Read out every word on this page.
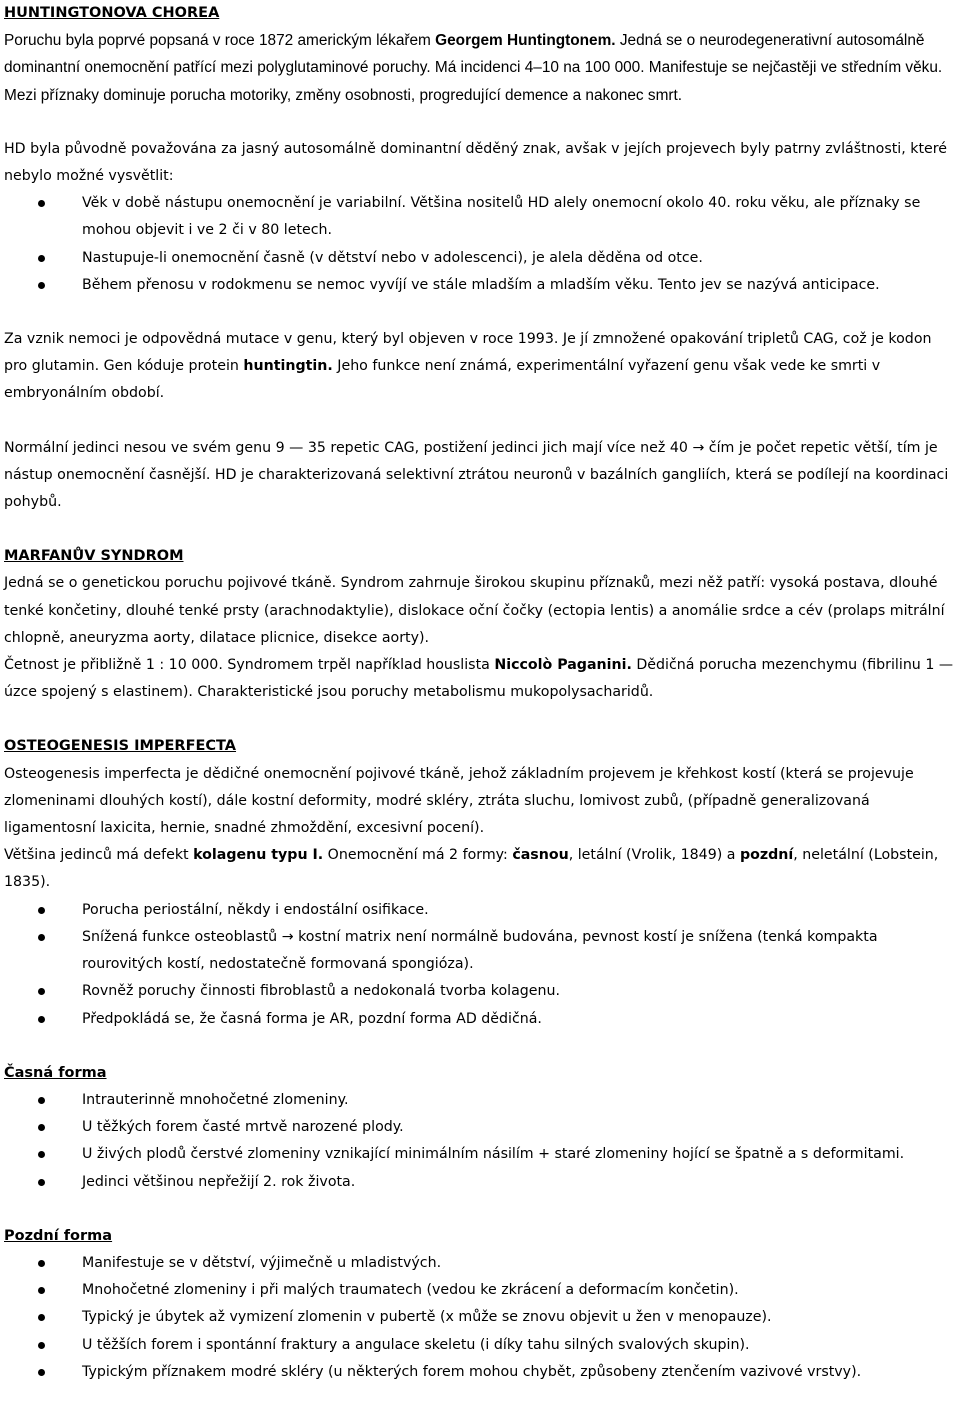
HUNTINGTONOVA CHOREA

Poruchu byla poprvé popsaná v roce 1872 americkým lékařem Georgem Huntingtonem. Jedná se o neurodegenerativní autosomálně dominantní onemocnění patřící mezi polyglutaminové poruchy. Má incidenci 4–10 na 100 000. Manifestuje se nejčastěji ve středním věku. Mezi příznaky dominuje porucha motoriky, změny osobnosti, progredující demence a nakonec smrt.

HD byla původně považována za jasný autosomálně dominantní děděný znak, avšak v jejích projevech byly patrny zvláštnosti, které nebylo možné vysvětlit:

Věk v době nástupu onemocnění je variabilní. Většina nositelů HD alely onemocní okolo 40. roku věku, ale příznaky se mohou objevit i ve 2 či v 80 letech.
Nastupuje-li onemocnění časně (v dětství nebo v adolescenci), je alela děděna od otce.
Během přenosu v rodokmenu se nemoc vyvíjí ve stále mladším a mladším věku. Tento jev se nazývá anticipace.

Za vznik nemoci je odpovědná mutace v genu, který byl objeven v roce 1993. Je jí zmnožené opakování tripletů CAG, což je kodon pro glutamin. Gen kóduje protein huntingtin. Jeho funkce není známá, experimentální vyřazení genu však vede ke smrti v embryonálním období.

Normální jedinci nesou ve svém genu 9 — 35 repetic CAG, postižení jedinci jich mají více než 40 → čím je počet repetic větší, tím je nástup onemocnění časnější. HD je charakterizovaná selektivní ztrátou neuronů v bazálních gangliích, která se podílejí na koordinaci pohybů.

MARFANŮV SYNDROM

Jedná se o genetickou poruchu pojivové tkáně. Syndrom zahrnuje širokou skupinu příznaků, mezi něž patří: vysoká postava, dlouhé tenké končetiny, dlouhé tenké prsty (arachnodaktylie), dislokace oční čočky (ectopia lentis) a anomálie srdce a cév (prolaps mitrální chlopně, aneuryzma aorty, dilatace plicnice, disekce aorty).

Četnost je přibližně 1 : 10 000. Syndromem trpěl například houslista Niccolò Paganini. Dědičná porucha mezenchymu (fibrilinu 1 — úzce spojený s elastinem). Charakteristické jsou poruchy metabolismu mukopolysacharidů.

OSTEOGENESIS IMPERFECTA

Osteogenesis imperfecta je dědičné onemocnění pojivové tkáně, jehož základním projevem je křehkost kostí (která se projevuje zlomeninami dlouhých kostí), dále kostní deformity, modré skléry, ztráta sluchu, lomivost zubů, (případně generalizovaná ligamentosní laxicita, hernie, snadné zhmoždění, excesivní pocení).

Většina jedinců má defekt kolagenu typu I. Onemocnění má 2 formy: časnou, letální (Vrolik, 1849) a pozdní, neletální (Lobstein, 1835).

Porucha periostální, někdy i endostální osifikace.
Snížená funkce osteoblastů → kostní matrix není normálně budována, pevnost kostí je snížena (tenká kompakta rourovitých kostí, nedostatečně formovaná spongióza).
Rovněž poruchy činnosti fibroblastů a nedokonalá tvorba kolagenu.
Předpokládá se, že časná forma je AR, pozdní forma AD dědičná.

Časná forma

Intrauterinně mnohočetné zlomeniny.
U těžkých forem časté mrtvě narozené plody.
U živých plodů čerstvé zlomeniny vznikající minimálním násilím + staré zlomeniny hojící se špatně a s deformitami.
Jedinci většinou nepřežijí 2. rok života.

Pozdní forma

Manifestuje se v dětství, výjimečně u mladistvých.
Mnohočetné zlomeniny i při malých traumatech (vedou ke zkrácení a deformacím končetin).
Typický je úbytek až vymizení zlomenin v pubertě (x může se znovu objevit u žen v menopauze).
U těžších forem i spontánní fraktury a angulace skeletu (i díky tahu silných svalových skupin).
Typickým příznakem modré skléry (u některých forem mohou chybět, způsobeny ztenčením vazivové vrstvy).
